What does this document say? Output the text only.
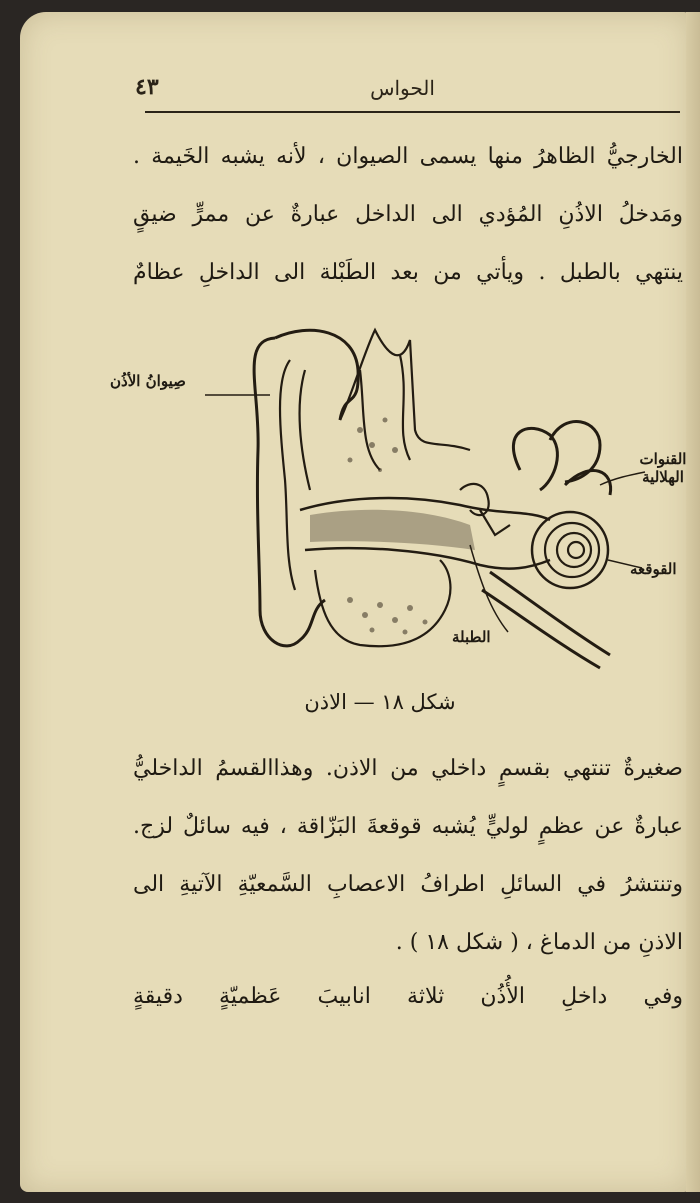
الحواس
٤٣

الخارجيُّ الظاهرُ منها يسمى الصيوان ، لأنه يشبه الخَيمة .

ومَدخلُ الاذُنِ المُؤدي الى الداخل عبارةٌ عن ممرٍّ ضيقٍ

ينتهي بالطبل . ويأتي من بعد الطَبْلة الى الداخلِ عظامٌ

صِيوانُ الأذُن
القنوات الهلالية
القوقعه
الطبلة
شكل ١٨ — الاذن

صغيرةٌ تنتهي بقسمٍ داخلي من الاذن. وهذاالقسمُ الداخليُّ

عبارةٌ عن عظمٍ لوليٍّ يُشبه قوقعةَ البَزّاقة ، فيه سائلٌ لزج.

وتنتشرُ في السائلِ اطرافُ الاعصابِ السَّمعيّةِ الآتيةِ الى

الاذنِ من الدماغ ، ( شكل ١٨ ) .

وفي داخلِ الأُذُن ثلاثة انابيبَ عَظميّةٍ دقيقةٍ
